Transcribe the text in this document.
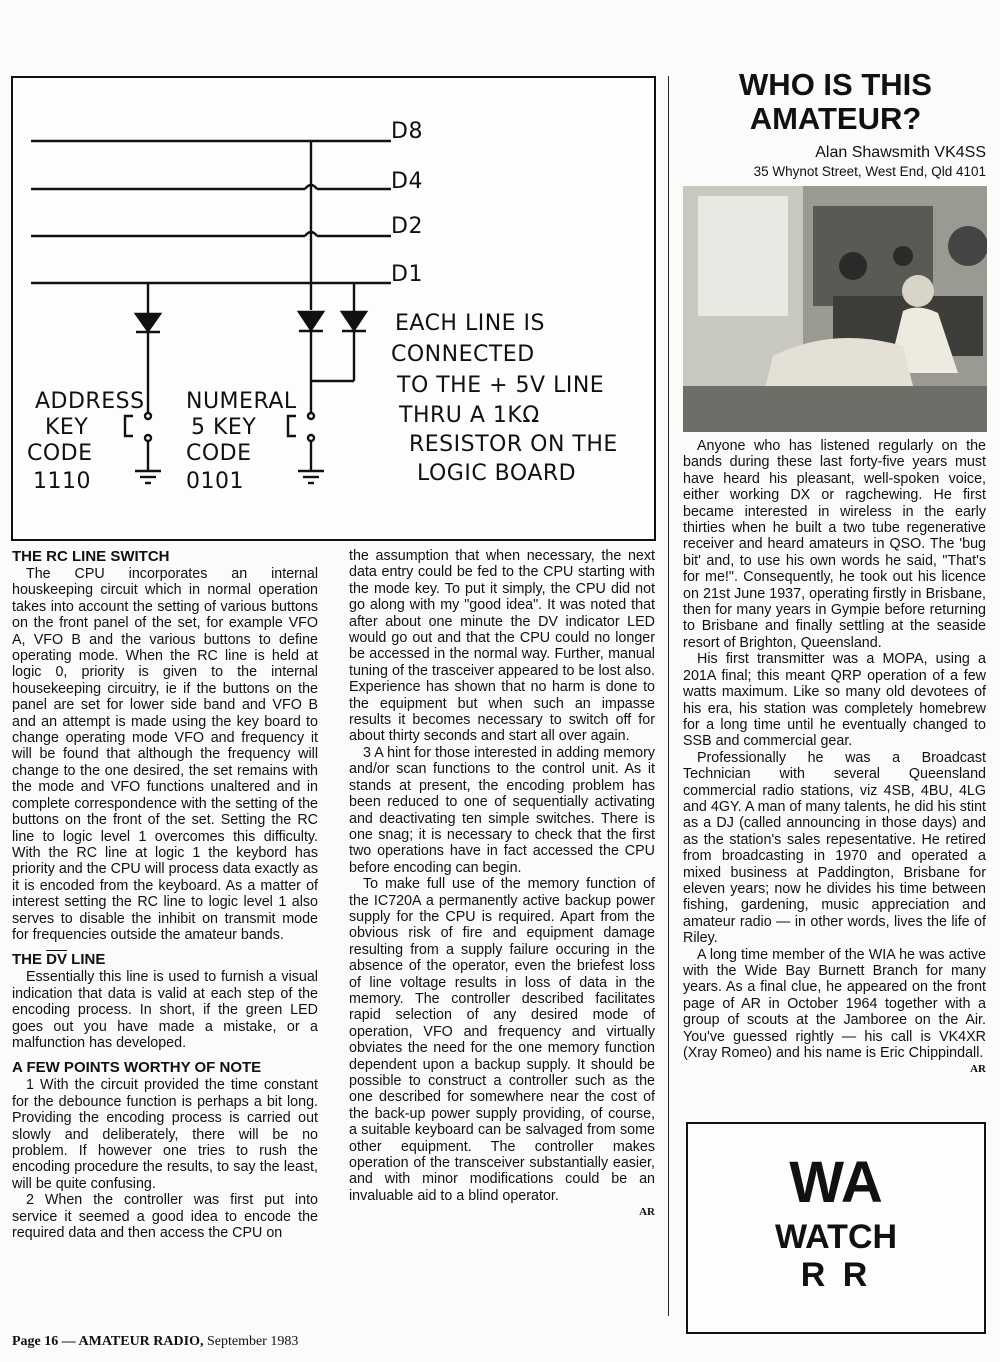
D8
D4
D2
D1
ADDRESS
KEY
CODE
1110
NUMERAL
5 KEY
CODE
0101
EACH LINE IS
CONNECTED
TO THE + 5V LINE
THRU A 1KΩ
RESISTOR ON THE
LOGIC BOARD
THE RC LINE SWITCH

The CPU incorporates an internal houskeeping circuit which in normal operation takes into account the setting of various buttons on the front panel of the set, for example VFO A, VFO B and the various buttons to define operating mode. When the RC line is held at logic 0, priority is given to the internal housekeeping circuitry, ie if the buttons on the panel are set for lower side band and VFO B and an attempt is made using the key board to change operating mode VFO and frequency it will be found that although the frequency will change to the one desired, the set remains with the mode and VFO functions unaltered and in complete correspondence with the setting of the buttons on the front of the set. Setting the RC line to logic level 1 overcomes this difficulty. With the RC line at logic 1 the keybord has priority and the CPU will process data exactly as it is encoded from the keyboard. As a matter of interest setting the RC line to logic level 1 also serves to disable the inhibit on transmit mode for frequencies outside the amateur bands.

THE DV LINE

Essentially this line is used to furnish a visual indication that data is valid at each step of the encoding process. In short, if the green LED goes out you have made a mistake, or a malfunction has developed.

A FEW POINTS WORTHY OF NOTE

1 With the circuit provided the time constant for the debounce function is perhaps a bit long. Providing the encoding process is carried out slowly and deliberately, there will be no problem. If however one tries to rush the encoding procedure the results, to say the least, will be quite confusing.

2 When the controller was first put into service it seemed a good idea to encode the required data and then access the CPU on

the assumption that when necessary, the next data entry could be fed to the CPU starting with the mode key. To put it simply, the CPU did not go along with my "good idea". It was noted that after about one minute the DV indicator LED would go out and that the CPU could no longer be accessed in the normal way. Further, manual tuning of the trasceiver appeared to be lost also. Experience has shown that no harm is done to the equipment but when such an impasse results it becomes necessary to switch off for about thirty seconds and start all over again.

3 A hint for those interested in adding memory and/or scan functions to the control unit. As it stands at present, the encoding problem has been reduced to one of sequentially activating and deactivating ten simple switches. There is one snag; it is necessary to check that the first two operations have in fact accessed the CPU before encoding can begin.

To make full use of the memory function of the IC720A a permanently active backup power supply for the CPU is required. Apart from the obvious risk of fire and equipment damage resulting from a supply failure occuring in the absence of the operator, even the briefest loss of line voltage results in loss of data in the memory. The controller described facilitates rapid selection of any desired mode of operation, VFO and frequency and virtually obviates the need for the one memory function dependent upon a backup supply. It should be possible to construct a controller such as the one described for somewhere near the cost of the back-up power supply providing, of course, a suitable keyboard can be salvaged from some other equipment. The controller makes operation of the transceiver substantially easier, and with minor modifications could be an invaluable aid to a blind operator.

AR
WHO IS THIS AMATEUR?
Alan Shawsmith VK4SS
35 Whynot Street, West End, Qld 4101

Anyone who has listened regularly on the bands during these last forty-five years must have heard his pleasant, well-spoken voice, either working DX or ragchewing. He first became interested in wireless in the early thirties when he built a two tube regenerative receiver and heard amateurs in QSO. The 'bug bit' and, to use his own words he said, "That's for me!". Consequently, he took out his licence on 21st June 1937, operating firstly in Brisbane, then for many years in Gympie before returning to Brisbane and finally settling at the seaside resort of Brighton, Queensland.

His first transmitter was a MOPA, using a 201A final; this meant QRP operation of a few watts maximum. Like so many old devotees of his era, his station was completely homebrew for a long time until he eventually changed to SSB and commercial gear.

Professionally he was a Broadcast Technician with several Queensland commercial radio stations, viz 4SB, 4BU, 4LG and 4GY. A man of many talents, he did his stint as a DJ (called announcing in those days) and as the station's sales repesentative. He retired from broadcasting in 1970 and operated a mixed business at Paddington, Brisbane for eleven years; now he divides his time between fishing, gardening, music appreciation and amateur radio — in other words, lives the life of Riley.

A long time member of the WIA he was active with the Wide Bay Burnett Branch for many years. As a final clue, he appeared on the front page of AR in October 1964 together with a group of scouts at the Jamboree on the Air. You've guessed rightly — his call is VK4XR (Xray Romeo) and his name is Eric Chippindall.

AR
WA
WATCH
R R
Page 16 — AMATEUR RADIO, September 1983
